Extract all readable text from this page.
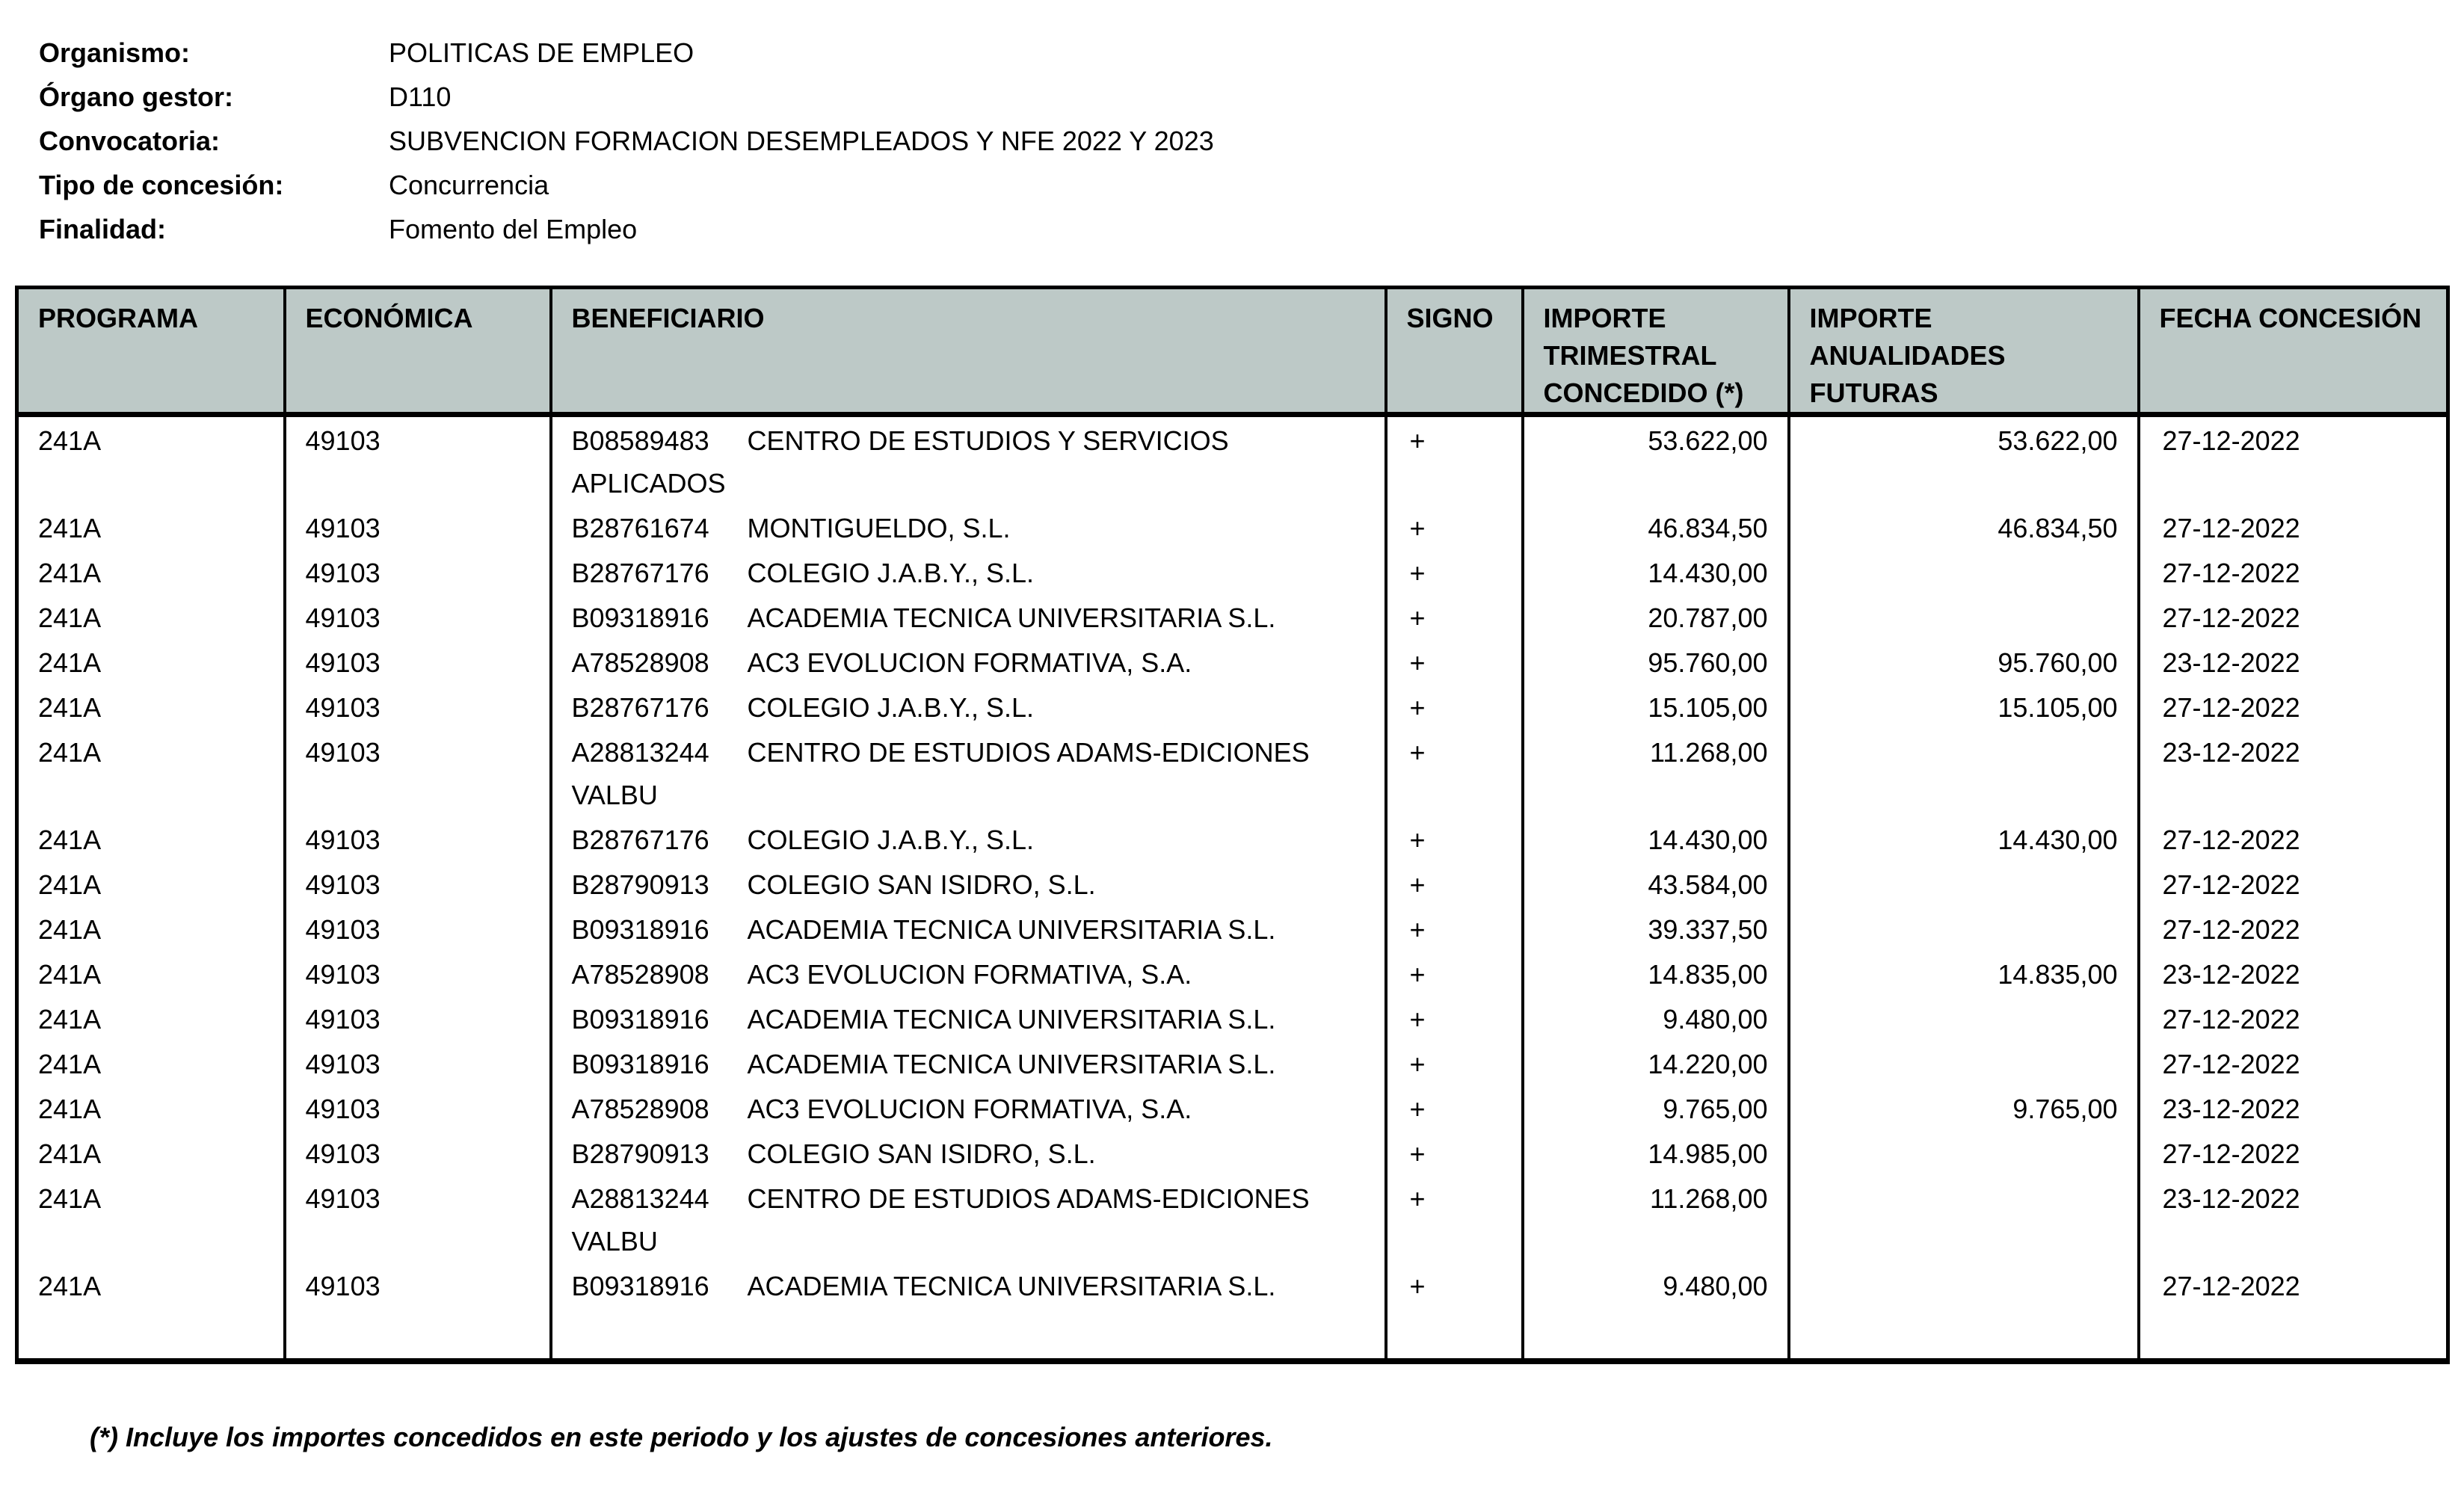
Organismo:	POLITICAS DE EMPLEO
Órgano gestor:	D110
Convocatoria:	SUBVENCION FORMACION DESEMPLEADOS Y NFE 2022 Y 2023
Tipo de concesión:	Concurrencia
Finalidad:	Fomento del Empleo
PROGRAMA	ECONÓMICA	BENEFICIARIO	SIGNO	IMPORTE TRIMESTRAL CONCEDIDO (*)	IMPORTE ANUALIDADES FUTURAS	FECHA CONCESIÓN
241A	49103	B08589483 CENTRO DE ESTUDIOS Y SERVICIOS APLICADOS	+	53.622,00	53.622,00	27-12-2022
241A	49103	B28761674 MONTIGUELDO, S.L.	+	46.834,50	46.834,50	27-12-2022
241A	49103	B28767176 COLEGIO J.A.B.Y., S.L.	+	14.430,00		27-12-2022
241A	49103	B09318916 ACADEMIA TECNICA UNIVERSITARIA S.L.	+	20.787,00		27-12-2022
241A	49103	A78528908 AC3 EVOLUCION FORMATIVA, S.A.	+	95.760,00	95.760,00	23-12-2022
241A	49103	B28767176 COLEGIO J.A.B.Y., S.L.	+	15.105,00	15.105,00	27-12-2022
241A	49103	A28813244 CENTRO DE ESTUDIOS ADAMS-EDICIONES VALBU	+	11.268,00		23-12-2022
241A	49103	B28767176 COLEGIO J.A.B.Y., S.L.	+	14.430,00	14.430,00	27-12-2022
241A	49103	B28790913 COLEGIO SAN ISIDRO, S.L.	+	43.584,00		27-12-2022
241A	49103	B09318916 ACADEMIA TECNICA UNIVERSITARIA S.L.	+	39.337,50		27-12-2022
241A	49103	A78528908 AC3 EVOLUCION FORMATIVA, S.A.	+	14.835,00	14.835,00	23-12-2022
241A	49103	B09318916 ACADEMIA TECNICA UNIVERSITARIA S.L.	+	9.480,00		27-12-2022
241A	49103	B09318916 ACADEMIA TECNICA UNIVERSITARIA S.L.	+	14.220,00		27-12-2022
241A	49103	A78528908 AC3 EVOLUCION FORMATIVA, S.A.	+	9.765,00	9.765,00	23-12-2022
241A	49103	B28790913 COLEGIO SAN ISIDRO, S.L.	+	14.985,00		27-12-2022
241A	49103	A28813244 CENTRO DE ESTUDIOS ADAMS-EDICIONES VALBU	+	11.268,00		23-12-2022
241A	49103	B09318916 ACADEMIA TECNICA UNIVERSITARIA S.L.	+	9.480,00		27-12-2022

(*) Incluye los importes concedidos en este periodo y los ajustes de concesiones anteriores.
